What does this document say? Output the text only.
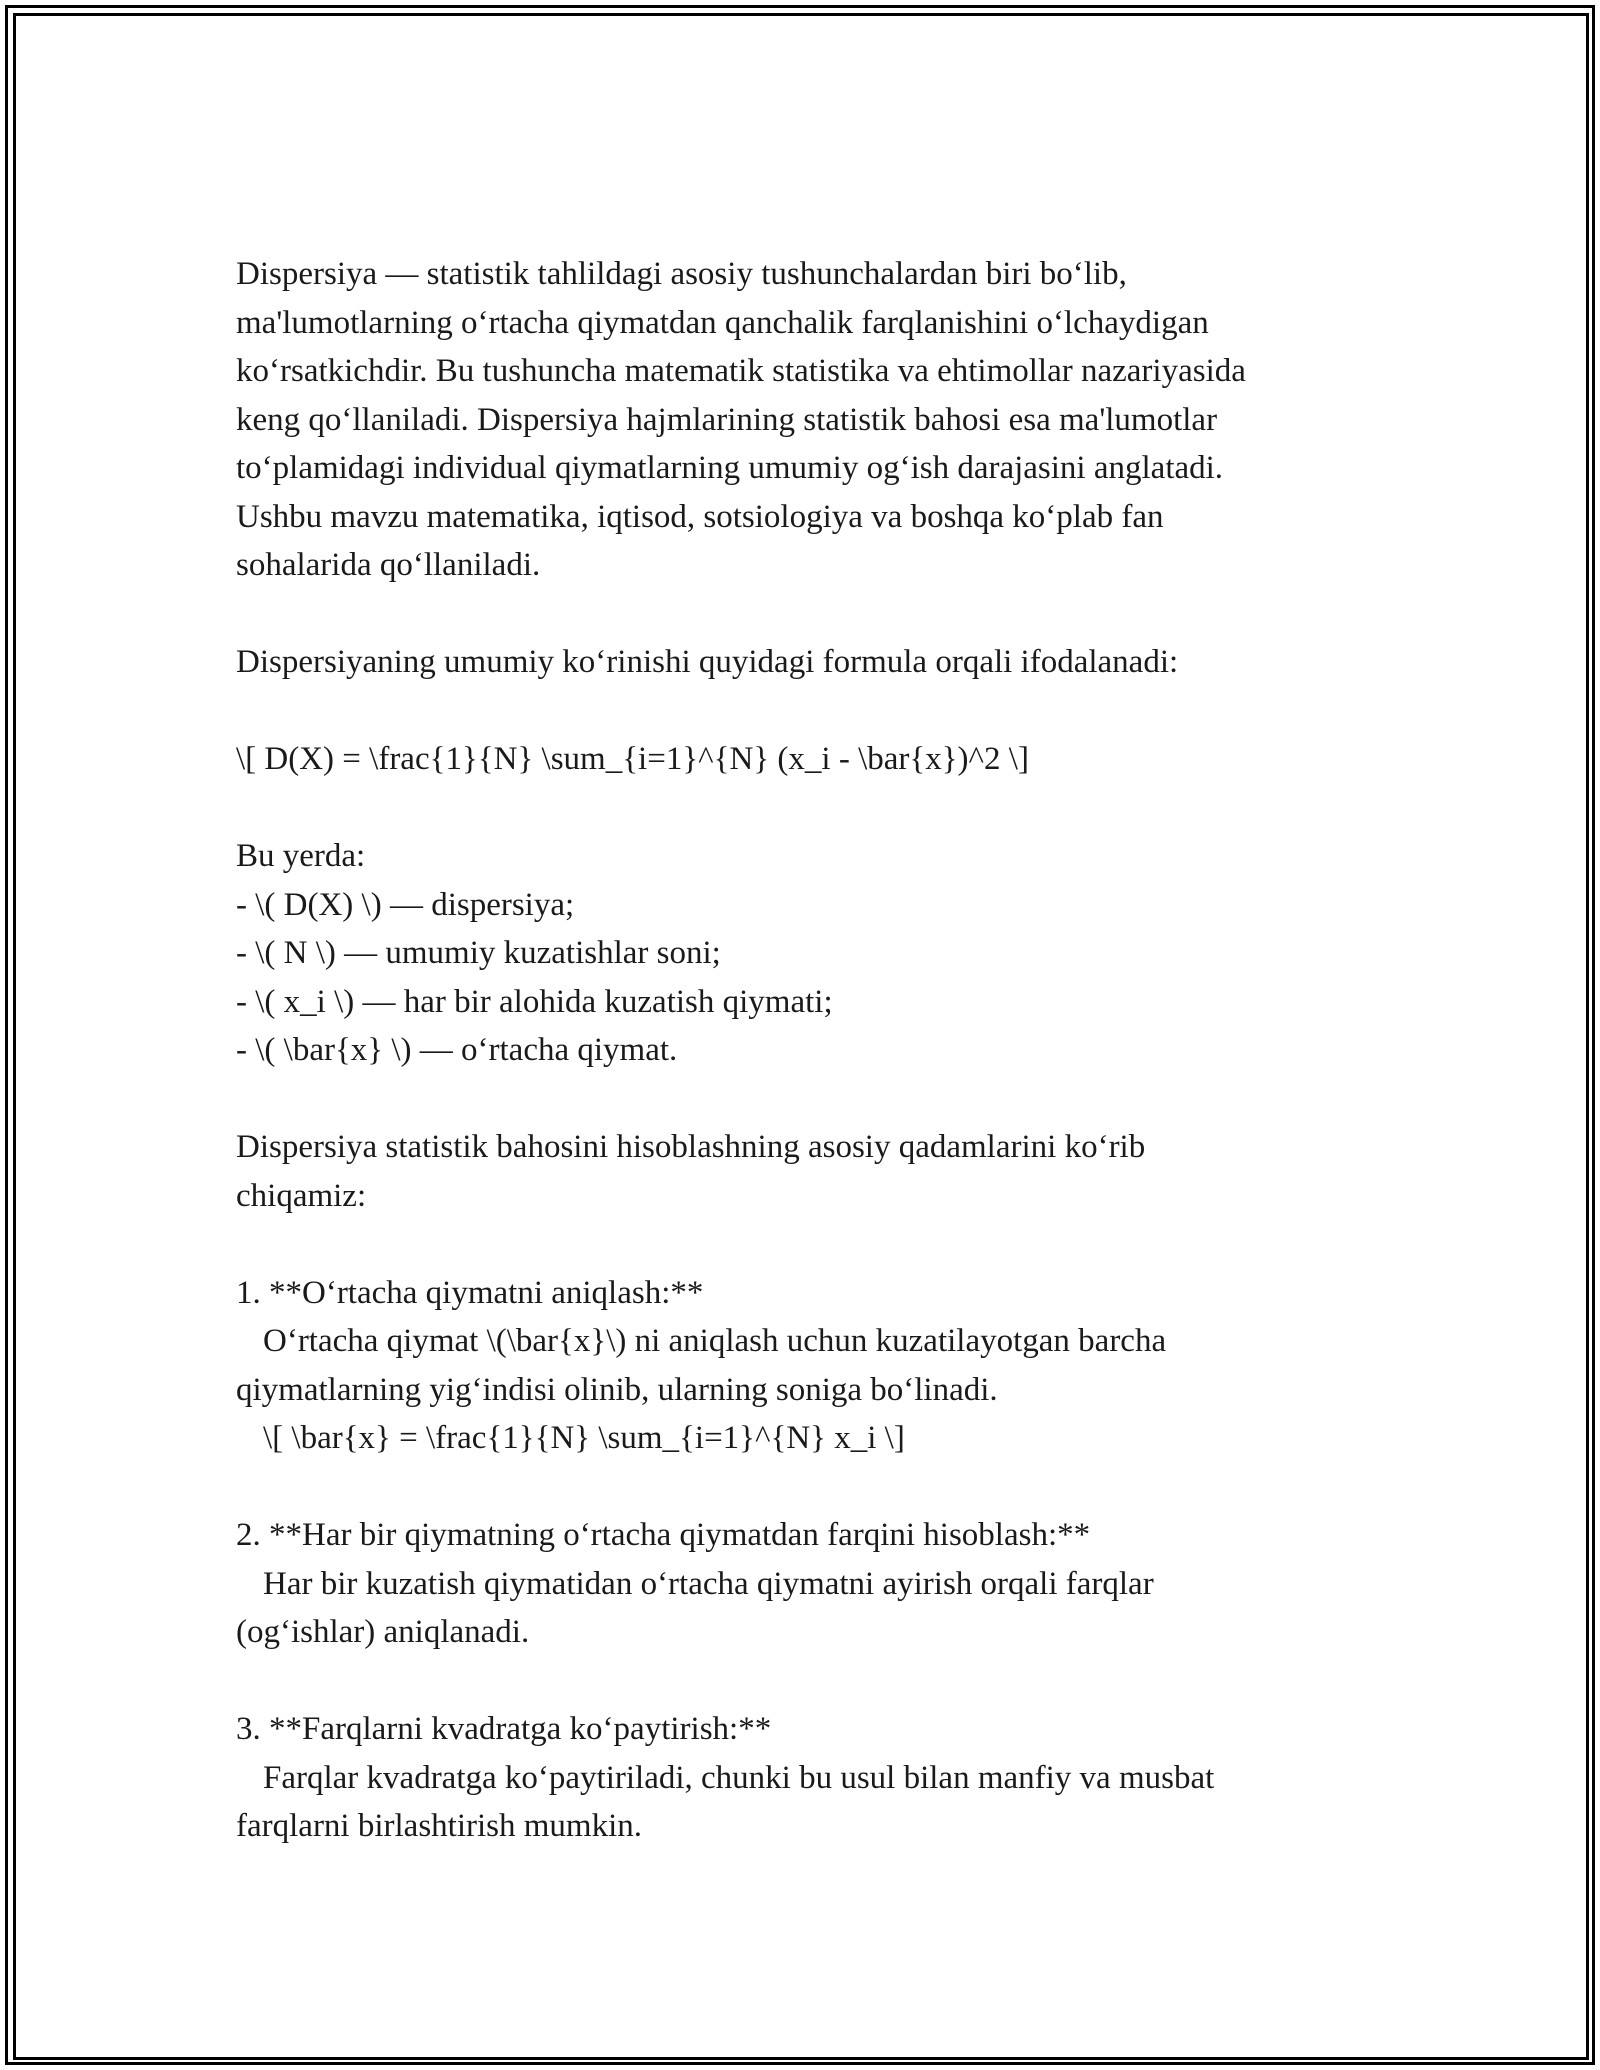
Dispersiya — statistik tahlildagi asosiy tushunchalardan biri bo‘lib,
ma'lumotlarning o‘rtacha qiymatdan qanchalik farqlanishini o‘lchaydigan
ko‘rsatkichdir. Bu tushuncha matematik statistika va ehtimollar nazariyasida
keng qo‘llaniladi. Dispersiya hajmlarining statistik bahosi esa ma'lumotlar
to‘plamidagi individual qiymatlarning umumiy og‘ish darajasini anglatadi.
Ushbu mavzu matematika, iqtisod, sotsiologiya va boshqa ko‘plab fan
sohalarida qo‘llaniladi.
Dispersiyaning umumiy ko‘rinishi quyidagi formula orqali ifodalanadi:
\[ D(X) = \frac{1}{N} \sum_{i=1}^{N} (x_i - \bar{x})^2 \]
Bu yerda:
- \( D(X) \) — dispersiya;
- \( N \) — umumiy kuzatishlar soni;
- \( x_i \) — har bir alohida kuzatish qiymati;
- \( \bar{x} \) — o‘rtacha qiymat.
Dispersiya statistik bahosini hisoblashning asosiy qadamlarini ko‘rib
chiqamiz:
1. **O‘rtacha qiymatni aniqlash:**
O‘rtacha qiymat \(\bar{x}\) ni aniqlash uchun kuzatilayotgan barcha
qiymatlarning yig‘indisi olinib, ularning soniga bo‘linadi.
\[ \bar{x} = \frac{1}{N} \sum_{i=1}^{N} x_i \]
2. **Har bir qiymatning o‘rtacha qiymatdan farqini hisoblash:**
Har bir kuzatish qiymatidan o‘rtacha qiymatni ayirish orqali farqlar
(og‘ishlar) aniqlanadi.
3. **Farqlarni kvadratga ko‘paytirish:**
Farqlar kvadratga ko‘paytiriladi, chunki bu usul bilan manfiy va musbat
farqlarni birlashtirish mumkin.
